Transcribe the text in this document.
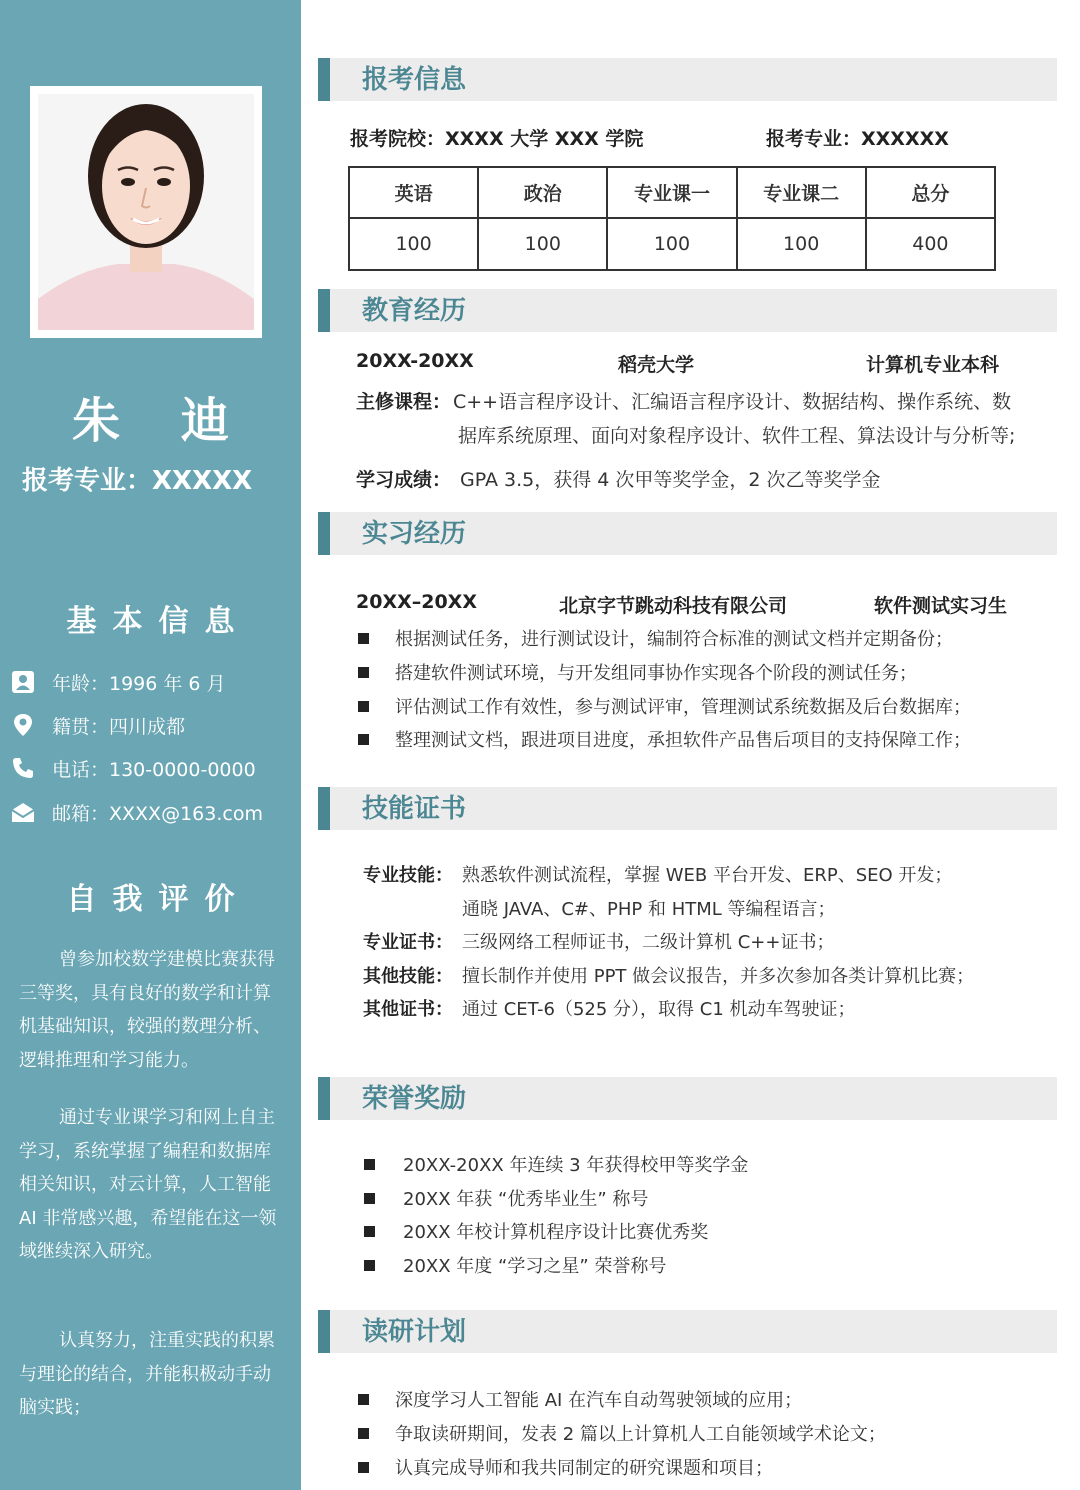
朱 迪
报考专业：XXXXX
基本信息
年龄：1996 年 6 月
籍贯：四川成都
电话：130-0000-0000
邮箱：XXXX@163.com
自我评价
曾参加校数学建模比赛获得三等奖，具有良好的数学和计算机基础知识，较强的数理分析、逻辑推理和学习能力。
通过专业课学习和网上自主学习，系统掌握了编程和数据库相关知识，对云计算，人工智能 AI 非常感兴趣，希望能在这一领域继续深入研究。
认真努力，注重实践的积累与理论的结合，并能积极动手动脑实践；
报考信息
报考院校：XXXX 大学 XXX 学院	报考专业：XXXXXX
英语	政治	专业课一	专业课二	总分
100	100	100	100	400
教育经历
20XX-20XX	稻壳大学	计算机专业本科
主修课程： C++语言程序设计、汇编语言程序设计、数据结构、操作系统、数
据库系统原理、面向对象程序设计、软件工程、算法设计与分析等;
学习成绩： GPA 3.5，获得 4 次甲等奖学金，2 次乙等奖学金
实习经历
20XX–20XX	北京字节跳动科技有限公司	软件测试实习生
根据测试任务，进行测试设计，编制符合标准的测试文档并定期备份；
搭建软件测试环境，与开发组同事协作实现各个阶段的测试任务；
评估测试工作有效性，参与测试评审，管理测试系统数据及后台数据库；
整理测试文档，跟进项目进度，承担软件产品售后项目的支持保障工作；
技能证书
专业技能： 熟悉软件测试流程，掌握 WEB 平台开发、ERP、SEO 开发；
通晓 JAVA、C#、PHP 和 HTML 等编程语言；
专业证书： 三级网络工程师证书，二级计算机 C++证书；
其他技能： 擅长制作并使用 PPT 做会议报告，并多次参加各类计算机比赛；
其他证书： 通过 CET-6（525 分），取得 C1 机动车驾驶证；
荣誉奖励
20XX-20XX 年连续 3 年获得校甲等奖学金
20XX 年获 “优秀毕业生” 称号
20XX 年校计算机程序设计比赛优秀奖
20XX 年度 “学习之星” 荣誉称号
读研计划
深度学习人工智能 AI 在汽车自动驾驶领域的应用；
争取读研期间，发表 2 篇以上计算机人工自能领域学术论文；
认真完成导师和我共同制定的研究课题和项目；
